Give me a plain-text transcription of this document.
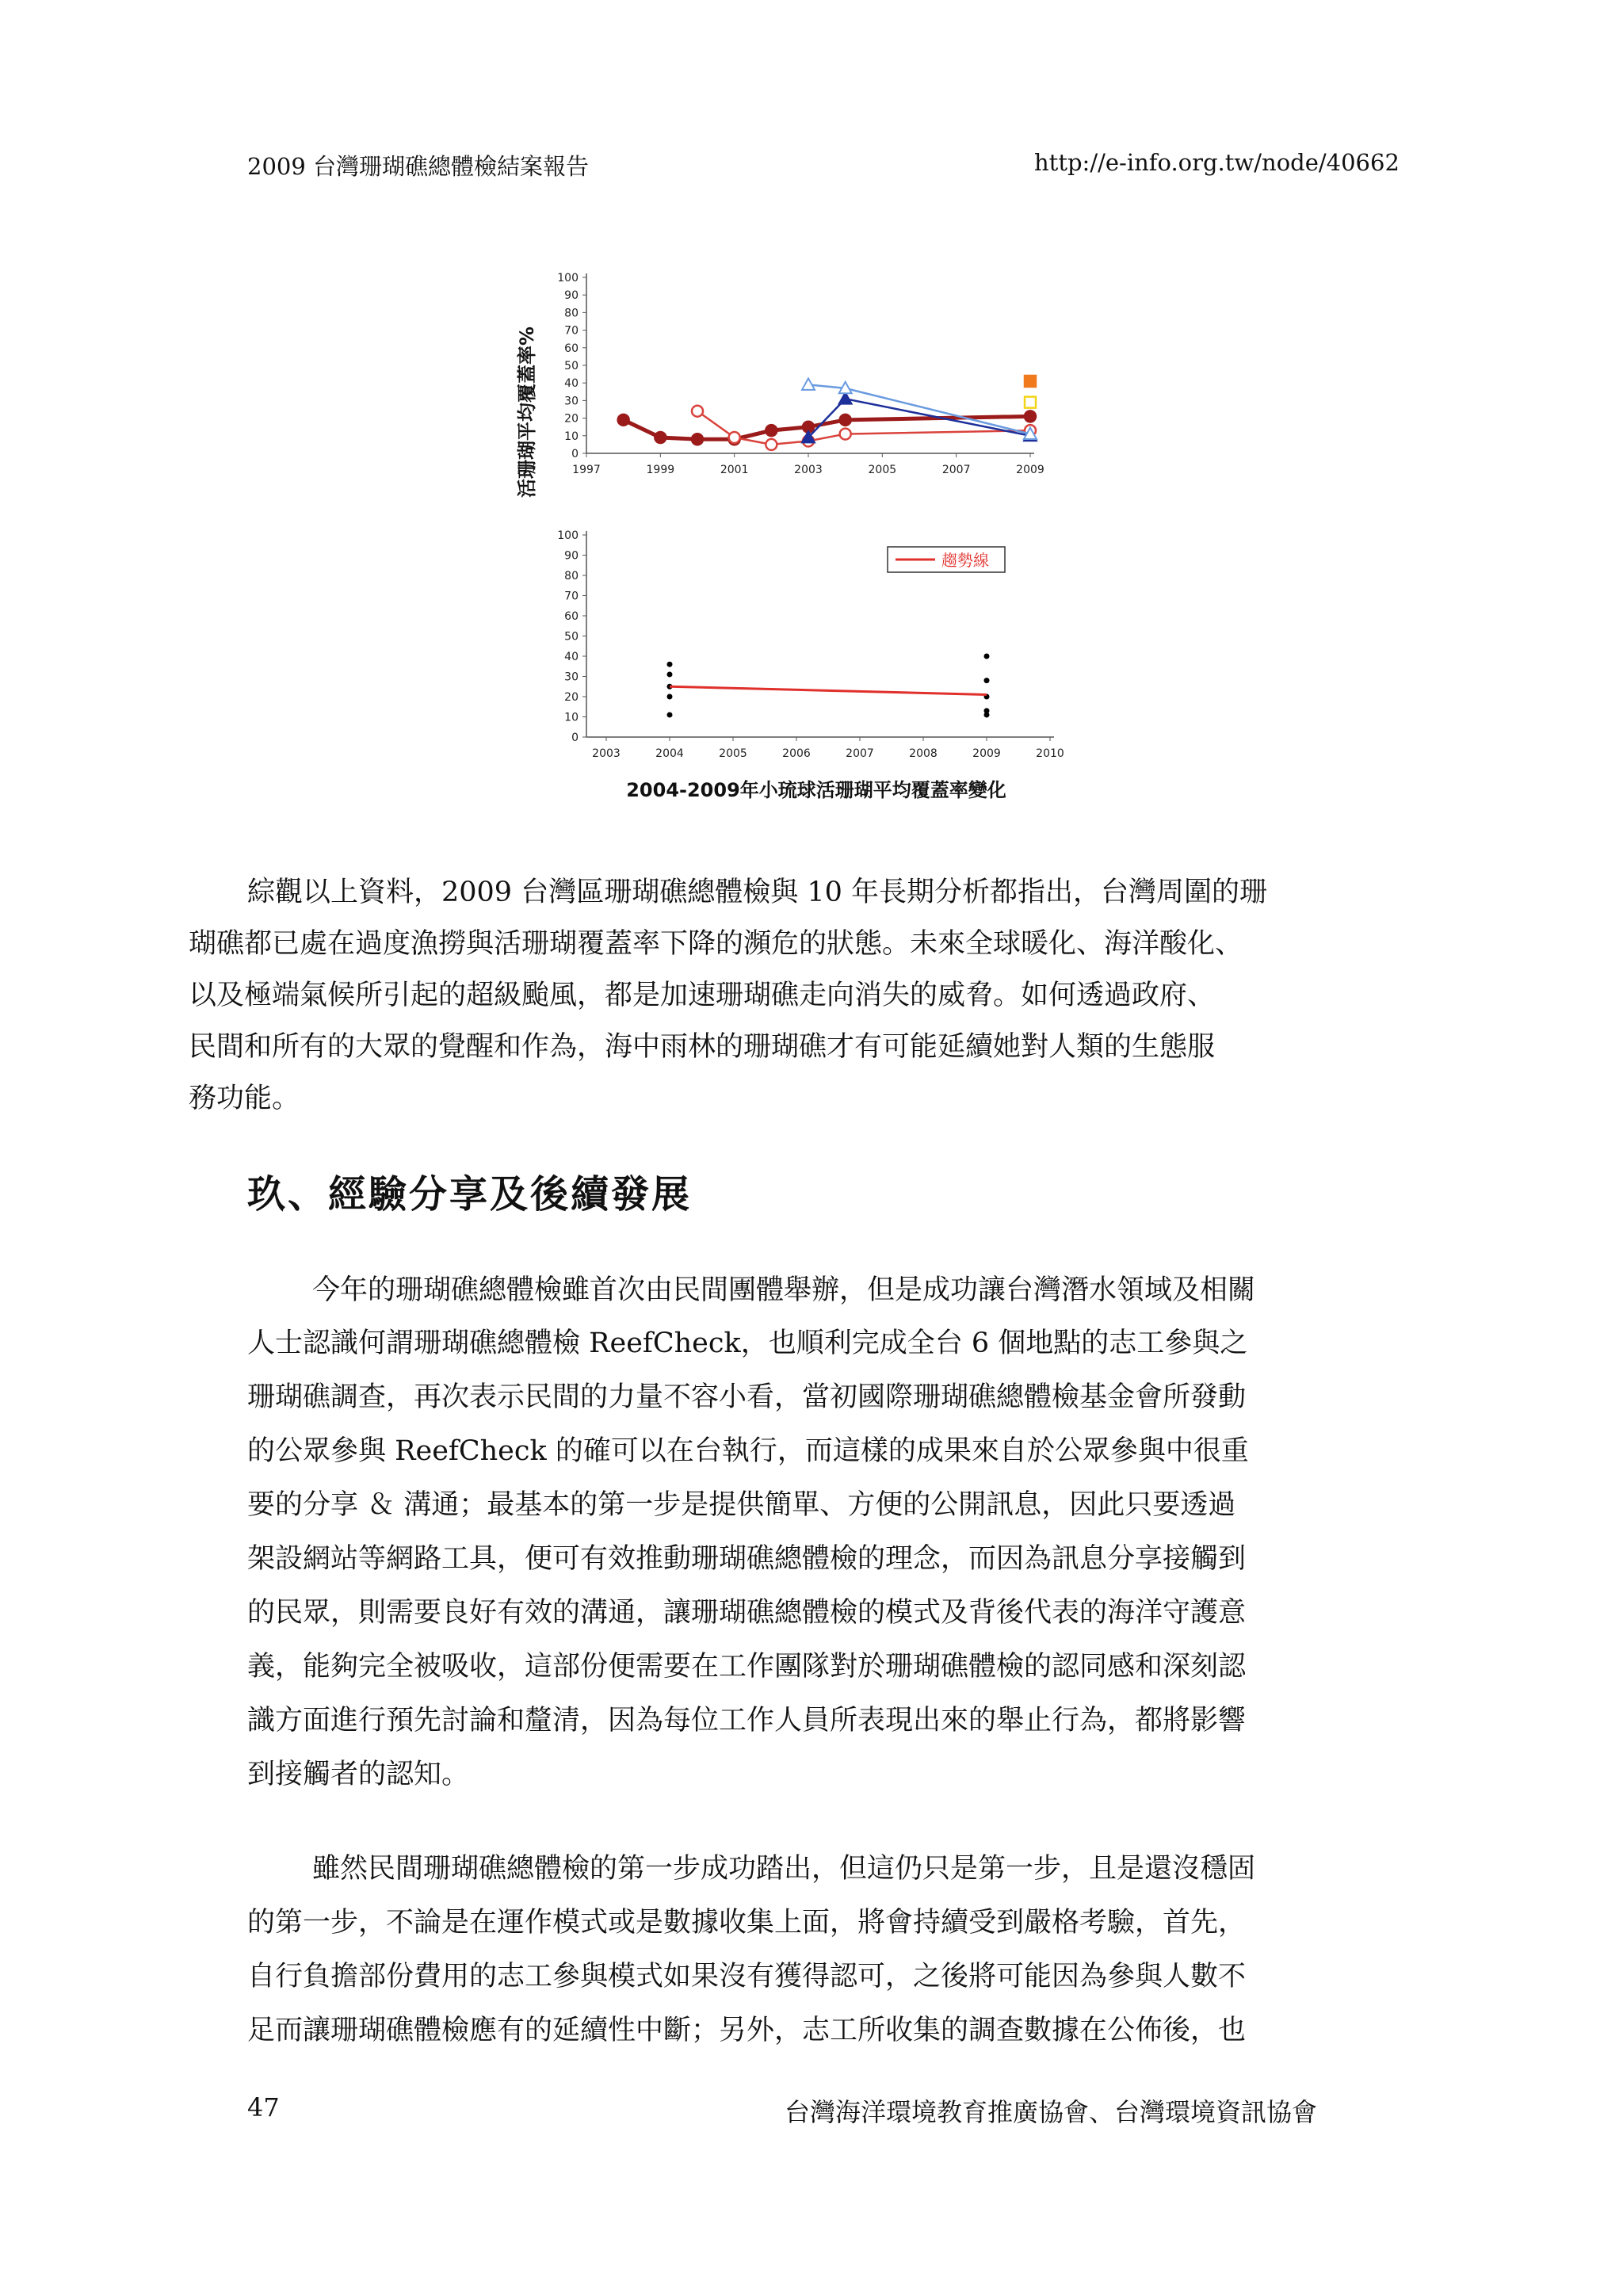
2009 台灣珊瑚礁總體檢結案報告	http://e-info.org.tw/node/40662
0
10
20
30
40
50
60
70
80
90
100
1997	1999	2001	2003	2005	2007	2009
0
10
20
30
40
50
60
70
80
90
100
2003	2004	2005	2006	2007	2008	2009	2010
趨勢線
活珊瑚平均覆蓋率%
2004-2009年小琉球活珊瑚平均覆蓋率變化
綜觀以上資料，2009 台灣區珊瑚礁總體檢與 10 年長期分析都指出，台灣周圍的珊
瑚礁都已處在過度漁撈與活珊瑚覆蓋率下降的瀕危的狀態。未來全球暖化、海洋酸化、
以及極端氣候所引起的超級颱風，都是加速珊瑚礁走向消失的威脅。如何透過政府、
民間和所有的大眾的覺醒和作為，海中雨林的珊瑚礁才有可能延續她對人類的生態服
務功能。
玖、經驗分享及後續發展
今年的珊瑚礁總體檢雖首次由民間團體舉辦，但是成功讓台灣潛水領域及相關
人士認識何謂珊瑚礁總體檢 ReefCheck，也順利完成全台 6 個地點的志工參與之
珊瑚礁調查，再次表示民間的力量不容小看，當初國際珊瑚礁總體檢基金會所發動
的公眾參與 ReefCheck 的確可以在台執行，而這樣的成果來自於公眾參與中很重
要的分享 ＆ 溝通；最基本的第一步是提供簡單、方便的公開訊息，因此只要透過
架設網站等網路工具，便可有效推動珊瑚礁總體檢的理念，而因為訊息分享接觸到
的民眾，則需要良好有效的溝通，讓珊瑚礁總體檢的模式及背後代表的海洋守護意
義，能夠完全被吸收，這部份便需要在工作團隊對於珊瑚礁體檢的認同感和深刻認
識方面進行預先討論和釐清，因為每位工作人員所表現出來的舉止行為，都將影響
到接觸者的認知。
雖然民間珊瑚礁總體檢的第一步成功踏出，但這仍只是第一步，且是還沒穩固
的第一步，不論是在運作模式或是數據收集上面，將會持續受到嚴格考驗，首先，
自行負擔部份費用的志工參與模式如果沒有獲得認可，之後將可能因為參與人數不
足而讓珊瑚礁體檢應有的延續性中斷；另外，志工所收集的調查數據在公佈後，也
47	台灣海洋環境教育推廣協會、台灣環境資訊協會
